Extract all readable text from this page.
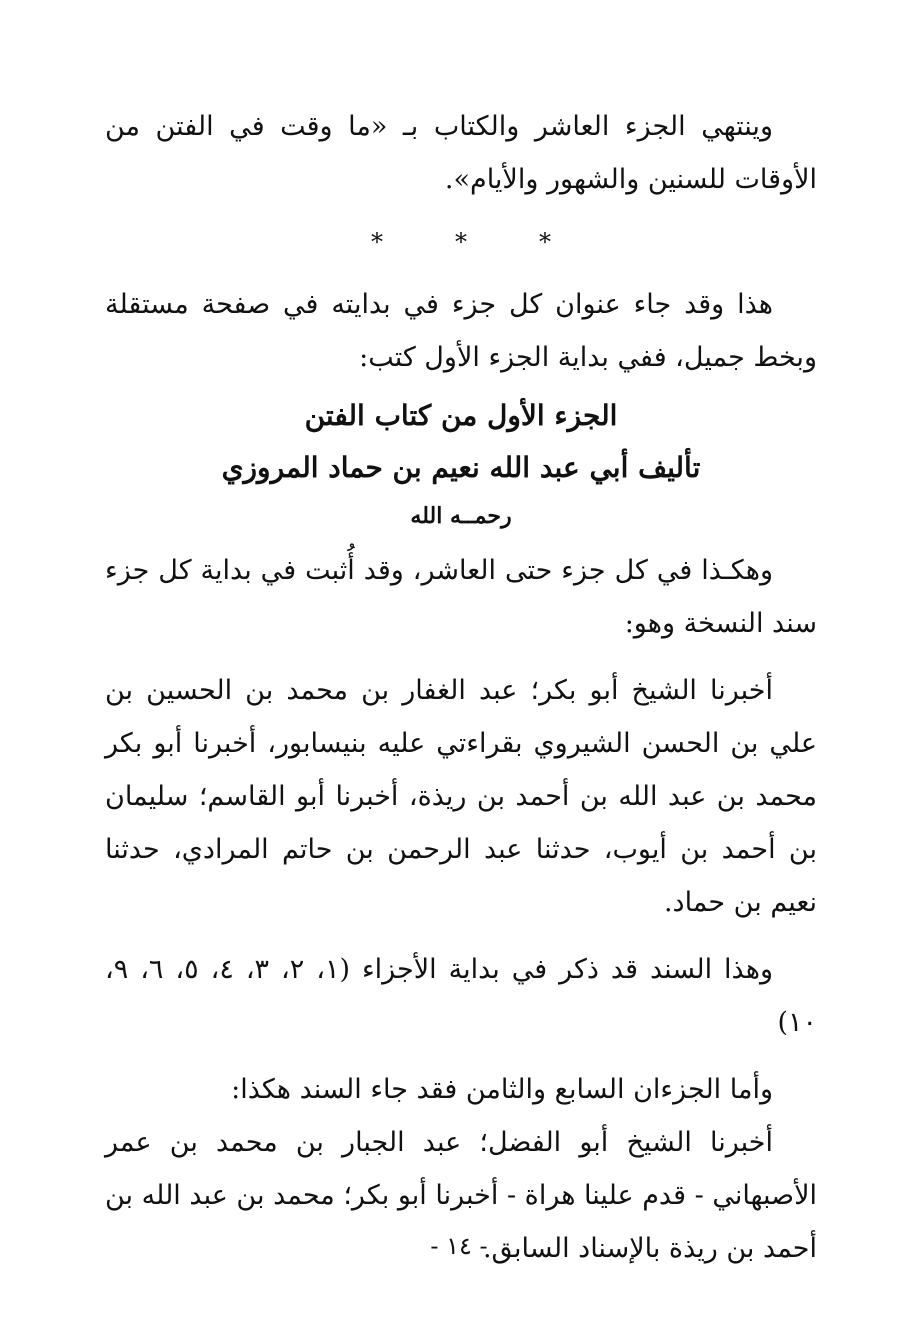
وينتهي الجزء العاشر والكتاب بـ «ما وقت في الفتن من الأوقات للسنين والشهور والأيام».

*	*	*

هذا وقد جاء عنوان كل جزء في بدايته في صفحة مستقلة وبخط جميل، ففي بداية الجزء الأول كتب:

الجزء الأول من كتاب الفتن
تأليف أبي عبد الله نعيم بن حماد المروزي
رحمــه الله

وهكـذا في كل جزء حتى العاشر، وقد أُثبت في بداية كل جزء سند النسخة وهو:

أخبرنا الشيخ أبو بكر؛ عبد الغفار بن محمد بن الحسين بن علي بن الحسن الشيروي بقراءتي عليه بنيسابور، أخبرنا أبو بكر محمد بن عبد الله بن أحمد بن ريذة، أخبرنا أبو القاسم؛ سليمان بن أحمد بن أيوب، حدثنا عبد الرحمن بن حاتم المرادي، حدثنا نعيم بن حماد.

وهذا السند قد ذكر في بداية الأجزاء (١، ٢، ٣، ٤، ٥، ٦، ٩، ١٠)

وأما الجزءان السابع والثامن فقد جاء السند هكذا:

أخبرنا الشيخ أبو الفضل؛ عبد الجبار بن محمد بن عمر الأصبهاني - قدم علينا هراة - أخبرنا أبو بكر؛ محمد بن عبد الله بن أحمد بن ريذة بالإسناد السابق.

- ١٤ -
